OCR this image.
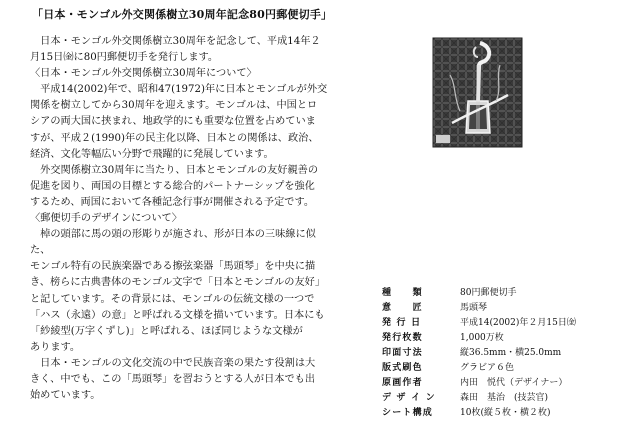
「日本・モンゴル外交関係樹立30周年記念80円郵便切手」

　日本・モンゴル外交関係樹立30周年を記念して、平成14年２
月15日㈮に80円郵便切手を発行します。

〈日本・モンゴル外交関係樹立30周年について〉

　平成14(2002)年で、昭和47(1972)年に日本とモンゴルが外交
関係を樹立してから30周年を迎えます。モンゴルは、中国とロ
シアの両大国に挟まれ、地政学的にも重要な位置を占めていま
すが、平成２(1990)年の民主化以降、日本との関係は、政治、
経済、文化等幅広い分野で飛躍的に発展しています。

　外交関係樹立30周年に当たり、日本とモンゴルの友好親善の
促進を図り、両国の目標とする総合的パートナーシップを強化
するため、両国において各種記念行事が開催される予定です。

〈郵便切手のデザインについて〉

　棹の頭部に馬の頭の形彫りが施され、形が日本の三味線に似た、
モンゴル特有の民族楽器である擦弦楽器「馬頭琴」を中央に描
き、榜らに古典書体のモンゴル文字で「日本とモンゴルの友好」
と記しています。その背景には、モンゴルの伝統文様の一つで
「ハス（永遠）の意」と呼ばれる文様を描いています。日本にも
「紗綾型(万字くずし)」と呼ばれる、ほぼ同じような文様が
あります。

　日本・モンゴルの文化交流の中で民族音楽の果たす役割は大
きく、中でも、この「馬頭琴」を習おうとする人が日本でも出
始めています。

種　　類	80円郵便切手
意　　匠	馬頭琴
発 行 日	平成14(2002)年２月15日㈮
発行枚数	1,000万枚
印面寸法	縦36.5mm・横25.0mm
版式刷色	グラビア６色
原画作者	内田　悦代（デザイナー）
デ ザ イ ン	森田　基治　(技芸官)
シート構成	10枚(縦５枚・横２枚)
